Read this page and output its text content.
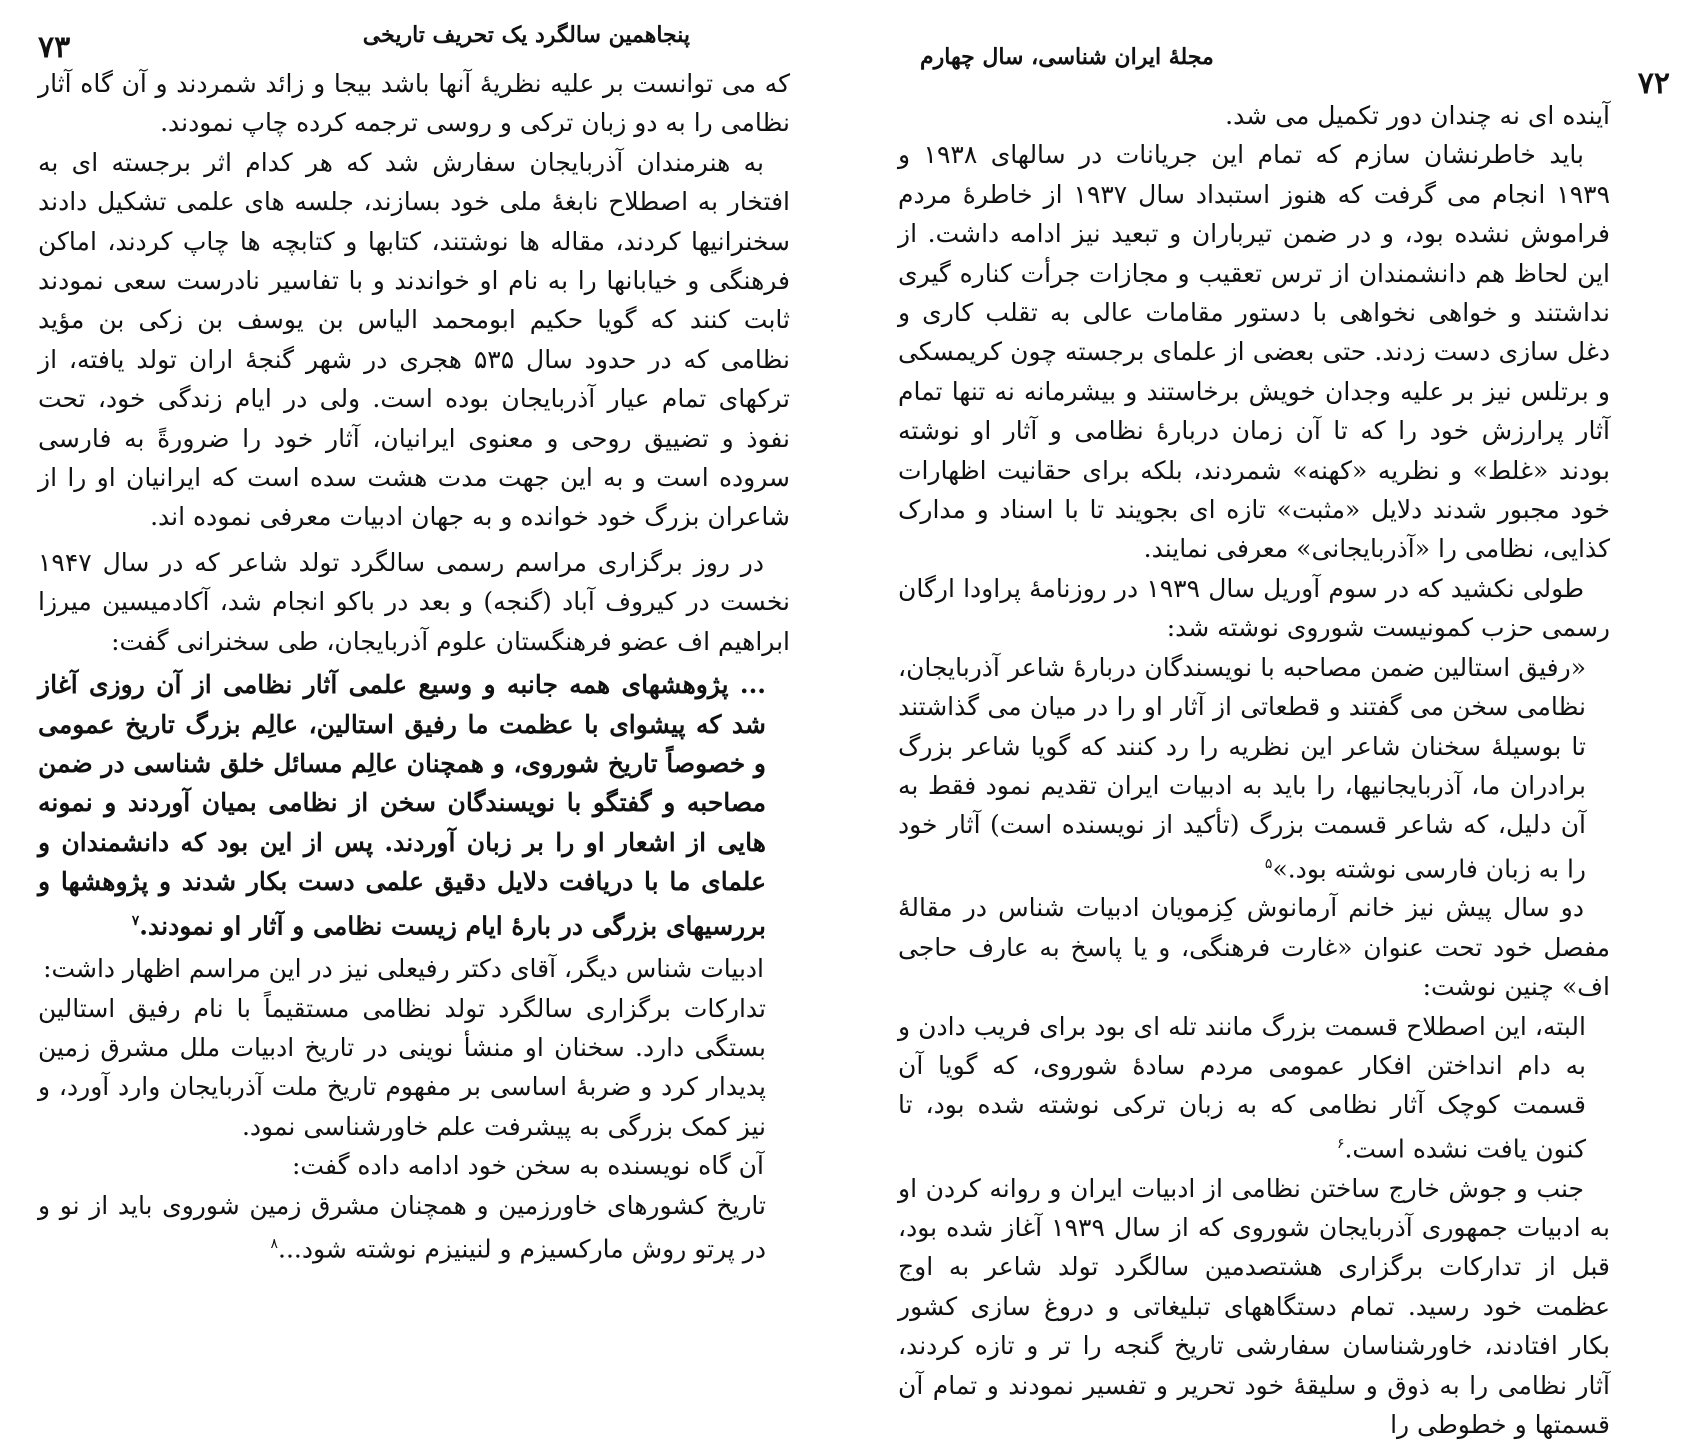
۷۳	پنجاهمین سالگرد یک تحریف تاریخی

که می توانست بر علیه نظریهٔ آنها باشد بیجا و زائد شمردند و آن گاه آثار نظامی را به دو زبان ترکی و روسی ترجمه کرده چاپ نمودند.

به هنرمندان آذربایجان سفارش شد که هر کدام اثر برجسته ای به افتخار به اصطلاح نابغهٔ ملی خود بسازند، جلسه های علمی تشکیل دادند سخنرانیها کردند، مقاله ها نوشتند، کتابها و کتابچه ها چاپ کردند، اماکن فرهنگی و خیابانها را به نام او خواندند و با تفاسیر نادرست سعی نمودند ثابت کنند که گویا حکیم ابومحمد الیاس بن یوسف بن زکی بن مؤید نظامی که در حدود سال ۵۳۵ هجری در شهر گنجهٔ اران تولد یافته، از ترکهای تمام عیار آذربایجان بوده است. ولی در ایام زندگی خود، تحت نفوذ و تضییق روحی و معنوی ایرانیان، آثار خود را ضرورةً به فارسی سروده است و به این جهت مدت هشت سده است که ایرانیان او را از شاعران بزرگ خود خوانده و به جهان ادبیات معرفی نموده اند.

در روز برگزاری مراسم رسمی سالگرد تولد شاعر که در سال ۱۹۴۷ نخست در کیروف آباد (گنجه) و بعد در باکو انجام شد، آکادمیسین میرزا ابراهیم اف عضو فرهنگستان علوم آذربایجان، طی سخنرانی گفت:

... پژوهشهای همه جانبه و وسیع علمی آثار نظامی از آن روزی آغاز شد که پیشوای با عظمت ما رفیق استالین، عالِم بزرگ تاریخ عمومی و خصوصاً تاریخ شوروی، و همچنان عالِم مسائل خلق شناسی در ضمن مصاحبه و گفتگو با نویسندگان سخن از نظامی بمیان آوردند و نمونه هایی از اشعار او را بر زبان آوردند. پس از این بود که دانشمندان و علمای ما با دریافت دلایل دقیق علمی دست بکار شدند و پژوهشها و بررسیهای بزرگی در بارهٔ ایام زیست نظامی و آثار او نمودند.$^۷$

ادبیات شناس دیگر، آقای دکتر رفیعلی نیز در این مراسم اظهار داشت:

تدارکات برگزاری سالگرد تولد نظامی مستقیماً با نام رفیق استالین بستگی دارد. سخنان او منشأ نوینی در تاریخ ادبیات ملل مشرق زمین پدیدار کرد و ضربهٔ اساسی بر مفهوم تاریخ ملت آذربایجان وارد آورد، و نیز کمک بزرگی به پیشرفت علم خاورشناسی نمود.

آن گاه نویسنده به سخن خود ادامه داده گفت:

تاریخ کشورهای خاورزمین و همچنان مشرق زمین شوروی باید از نو و در پرتو روش مارکسیزم و لنینیزم نوشته شود...$^۸$

۷۲
مجلهٔ ایران شناسی، سال چهارم

آینده ای نه چندان دور تکمیل می شد.

باید خاطرنشان سازم که تمام این جریانات در سالهای ۱۹۳۸ و ۱۹۳۹ انجام می گرفت که هنوز استبداد سال ۱۹۳۷ از خاطرهٔ مردم فراموش نشده بود، و در ضمن تیرباران و تبعید نیز ادامه داشت. از این لحاظ هم دانشمندان از ترس تعقیب و مجازات جرأت کناره گیری نداشتند و خواهی نخواهی با دستور مقامات عالی به تقلب کاری و دغل سازی دست زدند. حتی بعضی از علمای برجسته چون کریمسکی و برتلس نیز بر علیه وجدان خویش برخاستند و بیشرمانه نه تنها تمام آثار پرارزش خود را که تا آن زمان دربارهٔ نظامی و آثار او نوشته بودند «غلط» و نظریه «کهنه» شمردند، بلکه برای حقانیت اظهارات خود مجبور شدند دلایل «مثبت» تازه ای بجویند تا با اسناد و مدارک کذایی، نظامی را «آذربایجانی» معرفی نمایند.

طولی نکشید که در سوم آوریل سال ۱۹۳۹ در روزنامهٔ پراودا ارگان رسمی حزب کمونیست شوروی نوشته شد:

«رفیق استالین ضمن مصاحبه با نویسندگان دربارهٔ شاعر آذربایجان، نظامی سخن می گفتند و قطعاتی از آثار او را در میان می گذاشتند تا بوسیلهٔ سخنان شاعر این نظریه را رد کنند که گویا شاعر بزرگ برادران ما، آذربایجانیها، را باید به ادبیات ایران تقدیم نمود فقط به آن دلیل، که شاعر قسمت بزرگ (تأکید از نویسنده است) آثار خود را به زبان فارسی نوشته بود.»$^۵$

دو سال پیش نیز خانم آرمانوش کِزمویان ادبیات شناس در مقالهٔ مفصل خود تحت عنوان «غارت فرهنگی، و یا پاسخ به عارف حاجی اف» چنین نوشت:

البته، این اصطلاح قسمت بزرگ مانند تله ای بود برای فریب دادن و به دام انداختن افکار عمومی مردم سادهٔ شوروی، که گویا آن قسمت کوچک آثار نظامی که به زبان ترکی نوشته شده بود، تا کنون یافت نشده است.$^۶$

جنب و جوش خارج ساختن نظامی از ادبیات ایران و روانه کردن او به ادبیات جمهوری آذربایجان شوروی که از سال ۱۹۳۹ آغاز شده بود، قبل از تدارکات برگزاری هشتصدمین سالگرد تولد شاعر به اوج عظمت خود رسید. تمام دستگاههای تبلیغاتی و دروغ سازی کشور بکار افتادند، خاورشناسان سفارشی تاریخ گنجه را تر و تازه کردند، آثار نظامی را به ذوق و سلیقهٔ خود تحریر و تفسیر نمودند و تمام آن قسمتها و خطوطی را
